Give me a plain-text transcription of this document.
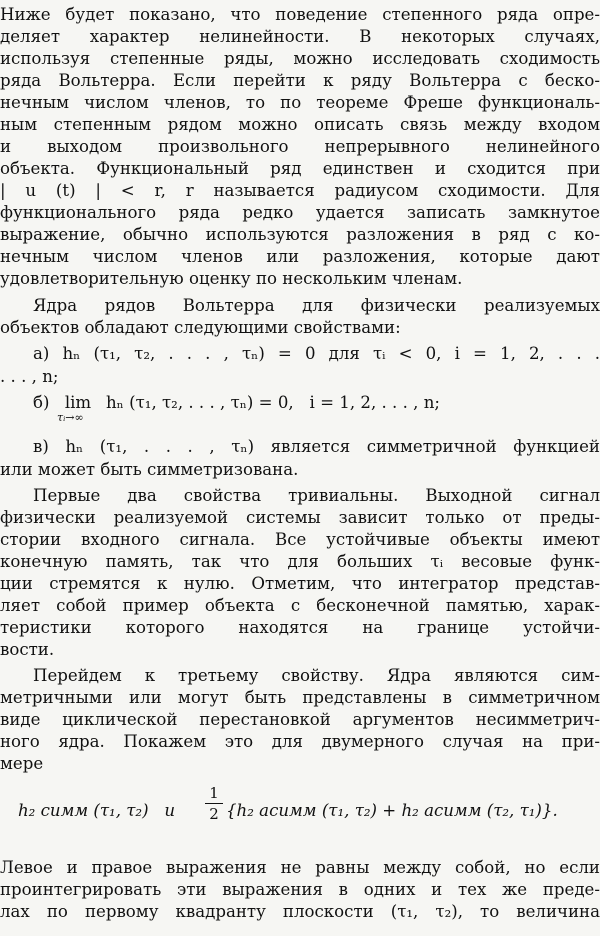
Ниже будет показано, что поведение степенного ряда опре-

деляет характер нелинейности. В некоторых случаях,

используя степенные ряды, можно исследовать сходимость

ряда Вольтерра. Если перейти к ряду Вольтерра с беско-

нечным числом членов, то по теореме Фреше функциональ-

ным степенным рядом можно описать связь между входом

и выходом произвольного непрерывного нелинейного

объекта. Функциональный ряд единствен и сходится при

| u (t) | < r, r называется радиусом сходимости. Для

функционального ряда редко удается записать замкнутое

выражение, обычно используются разложения в ряд с ко-

нечным числом членов или разложения, которые дают

удовлетворительную оценку по нескольким членам.

Ядра рядов Вольтерра для физически реализуемых

объектов обладают следующими свойствами:

а) hₙ (τ₁, τ₂, . . . , τₙ) = 0 для τᵢ < 0, i = 1, 2, . . .

. . . , n;

б) lim
τᵢ→∞
hₙ (τ₁, τ₂, . . . , τₙ) = 0,   i = 1, 2, . . . , n;

в) hₙ (τ₁, . . . , τₙ) является симметричной функцией

или может быть симметризована.

Первые два свойства тривиальны. Выходной сигнал

физически реализуемой системы зависит только от преды-

стории входного сигнала. Все устойчивые объекты имеют

конечную память, так что для больших τᵢ весовые функ-

ции стремятся к нулю. Отметим, что интегратор представ-

ляет собой пример объекта с бесконечной памятью, харак-

теристики которого находятся на границе устойчи-

вости.

Перейдем к третьему свойству. Ядра являются сим-

метричными или могут быть представлены в симметричном

виде циклической перестановкой аргументов несимметрич-

ного ядра. Покажем это для двумерного случая на при-

мере

h₂ симм (τ₁, τ₂)   и
1
2 {h₂ асимм (τ₁, τ₂) + h₂ асимм (τ₂, τ₁)}.

Левое и правое выражения не равны между собой, но если

проинтегрировать эти выражения в одних и тех же преде-

лах по первому квадранту плоскости (τ₁, τ₂), то величина
